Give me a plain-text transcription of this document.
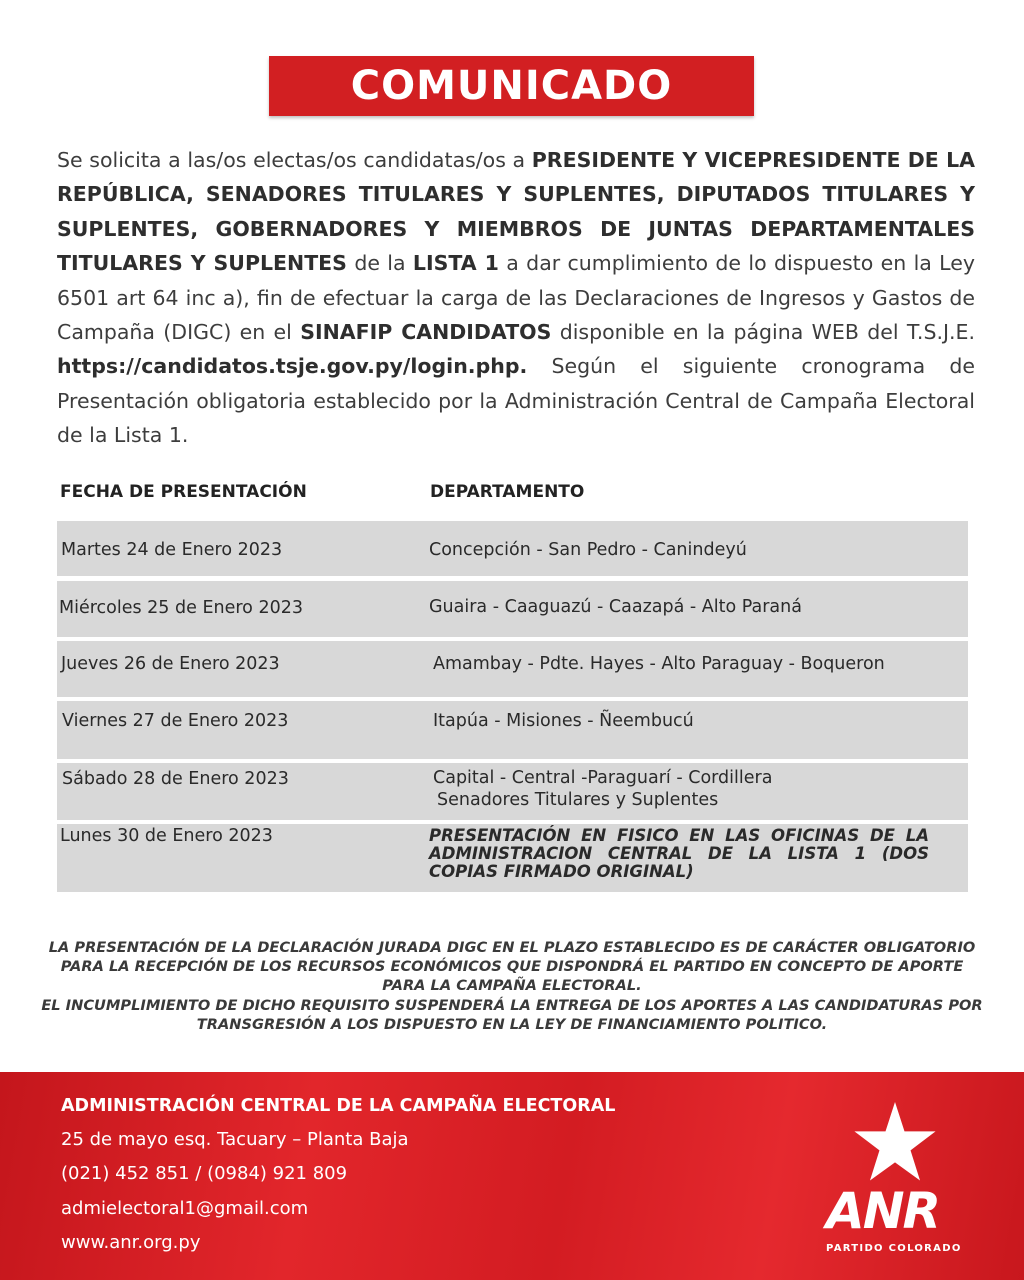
COMUNICADO
Se solicita a las/os electas/os candidatas/os a PRESIDENTE Y VICEPRESIDENTE DE LA REPÚBLICA, SENADORES TITULARES Y SUPLENTES, DIPUTADOS TITULARES Y SUPLENTES, GOBERNADORES Y MIEMBROS DE JUNTAS DEPARTAMENTALES TITULARES Y SUPLENTES de la LISTA 1 a dar cumplimiento de lo dispuesto en la Ley 6501 art 64 inc a), fin de efectuar la carga de las Declaraciones de Ingresos y Gastos de Campaña (DIGC) en el SINAFIP CANDIDATOS disponible en la página WEB del T.S.J.E. https://candidatos.tsje.gov.py/login.php. Según el siguiente cronograma de Presentación obligatoria establecido por la Administración Central de Campaña Electoral de la Lista 1.
FECHA DE PRESENTACIÓN	DEPARTAMENTO
Martes 24 de Enero 2023	Concepción - San Pedro - Canindeyú
Miércoles 25 de Enero 2023	Guaira - Caaguazú - Caazapá - Alto Paraná
Jueves 26 de Enero 2023	Amambay - Pdte. Hayes - Alto Paraguay - Boqueron
Viernes 27 de Enero 2023	Itapúa - Misiones - Ñeembucú
Sábado 28 de Enero 2023	Capital - Central -Paraguarí - Cordillera
Senadores Titulares y Suplentes
Lunes 30 de Enero 2023	PRESENTACIÓN EN FISICO EN LAS OFICINAS DE LA ADMINISTRACION CENTRAL DE LA LISTA 1 (DOS COPIAS FIRMADO ORIGINAL)
LA PRESENTACIÓN DE LA DECLARACIÓN JURADA DIGC EN EL PLAZO ESTABLECIDO ES DE CARÁCTER OBLIGATORIO PARA LA RECEPCIÓN DE LOS RECURSOS ECONÓMICOS QUE DISPONDRÁ EL PARTIDO EN CONCEPTO DE APORTE PARA LA CAMPAÑA ELECTORAL.
EL INCUMPLIMIENTO DE DICHO REQUISITO SUSPENDERÁ LA ENTREGA DE LOS APORTES A LAS CANDIDATURAS POR TRANSGRESIÓN A LOS DISPUESTO EN LA LEY DE FINANCIAMIENTO POLITICO.
ADMINISTRACIÓN CENTRAL DE LA CAMPAÑA ELECTORAL
25 de mayo esq. Tacuary – Planta Baja
(021) 452 851 / (0984) 921 809
admielectoral1@gmail.com
www.anr.org.py
ANR
PARTIDO COLORADO
